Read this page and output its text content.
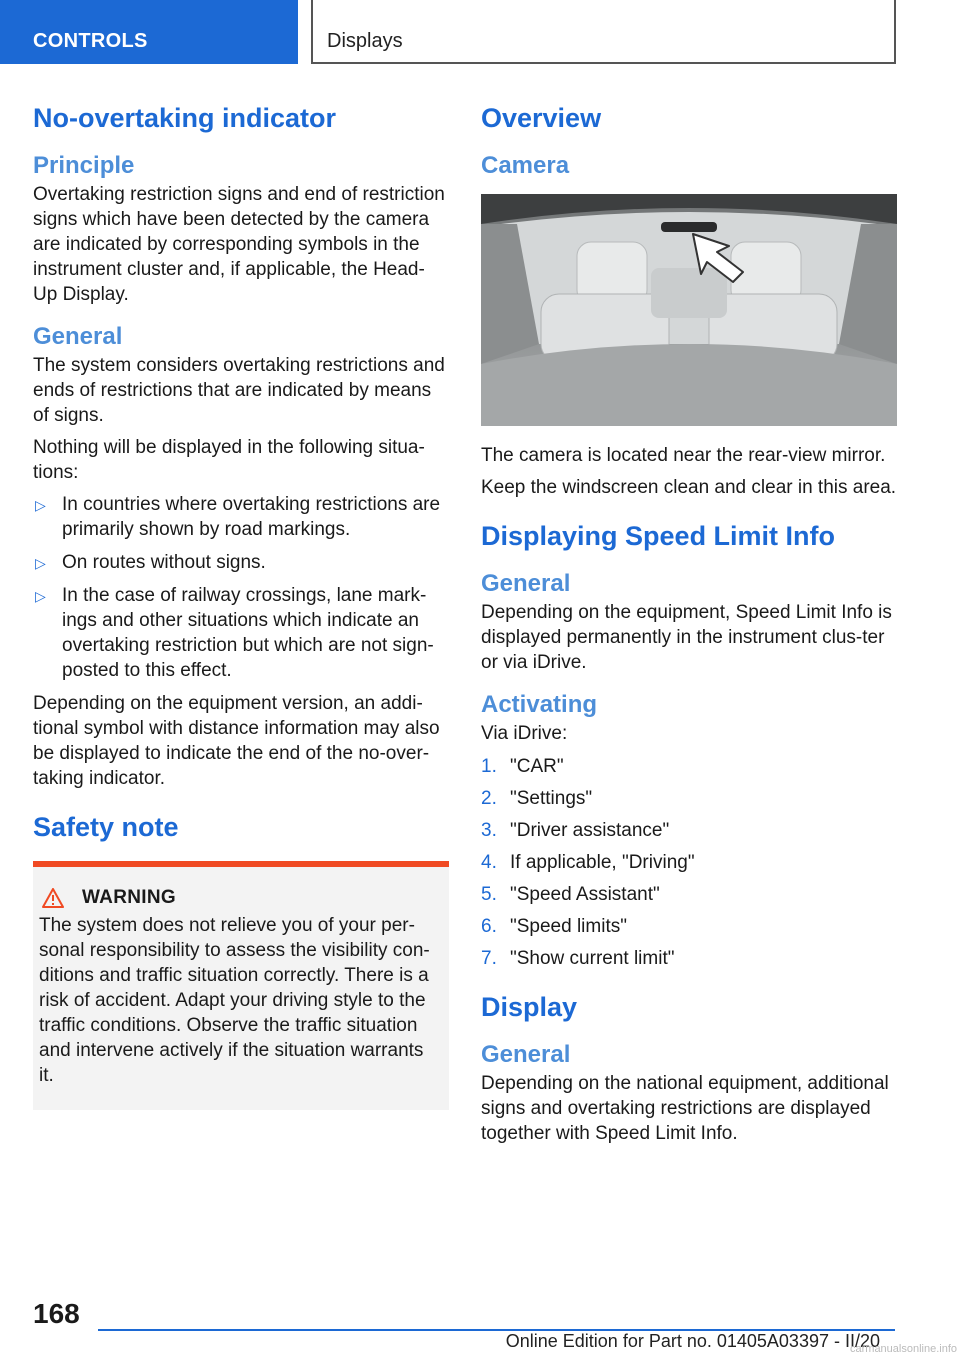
CONTROLS	Displays
No-overtaking indicator
Principle

Overtaking restriction signs and end of restriction signs which have been detected by the camera are indicated by corresponding symbols in the instrument cluster and, if applicable, the Head-Up Display.

General

The system considers overtaking restrictions and ends of restrictions that are indicated by means of signs.

Nothing will be displayed in the following situa-tions:

▷ In countries where overtaking restrictions are primarily shown by road markings.
▷ On routes without signs.
▷ In the case of railway crossings, lane mark-ings and other situations which indicate an overtaking restriction but which are not sign-posted to this effect.

Depending on the equipment version, an addi-tional symbol with distance information may also be displayed to indicate the end of the no-over-taking indicator.

Safety note
WARNING

The system does not relieve you of your per-sonal responsibility to assess the visibility con-ditions and traffic situation correctly. There is a risk of accident. Adapt your driving style to the traffic conditions. Observe the traffic situation and intervene actively if the situation warrants it.

Overview
Camera

The camera is located near the rear-view mirror.

Keep the windscreen clean and clear in this area.

Displaying Speed Limit Info
General

Depending on the equipment, Speed Limit Info is displayed permanently in the instrument clus-ter or via iDrive.

Activating

Via iDrive:

1. "CAR"
2. "Settings"
3. "Driver assistance"
4. If applicable, "Driving"
5. "Speed Assistant"
6. "Speed limits"
7. "Show current limit"
Display
General

Depending on the national equipment, additional signs and overtaking restrictions are displayed together with Speed Limit Info.

168
Online Edition for Part no. 01405A03397 - II/20
carmanualsonline.info
